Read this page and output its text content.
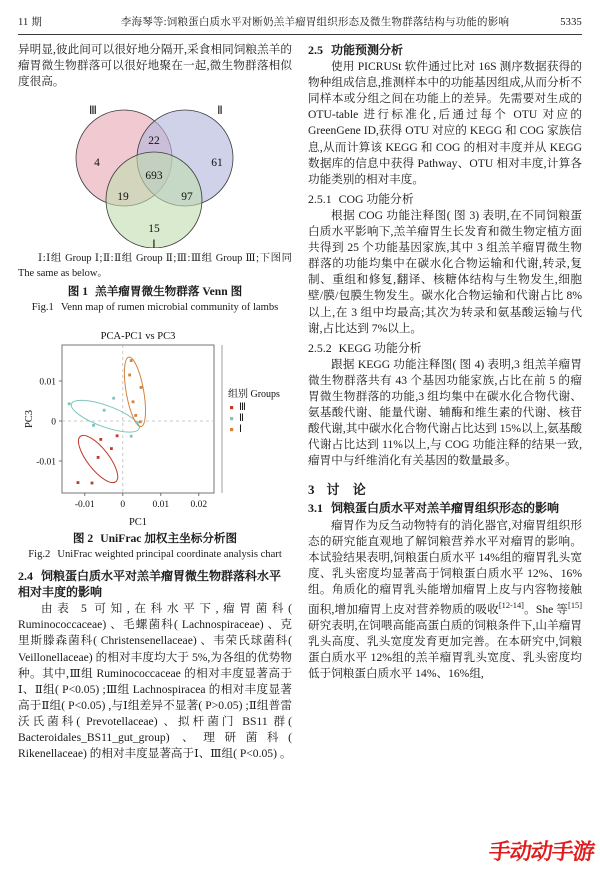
11 期	李海琴等:饲粮蛋白质水平对断奶羔羊瘤胃组织形态及微生物群落结构与功能的影响	5335

异明显,彼此间可以很好地分隔开,采食相同饲粮羔羊的瘤胃微生物群落可以很好地聚在一起,微生物群落相似度很高。

4	61
15
22
19	97
693
Ⅲ	Ⅱ
Ⅰ

Ⅰ:Ⅰ组 Group Ⅰ;Ⅱ:Ⅱ组 Group Ⅱ;Ⅲ:Ⅲ组 Group Ⅲ;下图同 The same as below。

图 1 羔羊瘤胃微生物群落 Venn 图
Fig.1 Venn map of rumen microbial community of lambs
PCA-PC1 vs PC3
-0.01	0	0.01 0.02
-0.01
0
0.01
PC1
PC3
组别 Groups
Ⅲ
Ⅱ
Ⅰ
图 2 UniFrac 加权主坐标分析图
Fig.2 UniFrac weighted principal coordinate analysis chart
2.4 饲粮蛋白质水平对羔羊瘤胃微生物群落科水平相对丰度的影响

由表 5 可知,在科水平下,瘤胃菌科( Ruminococcaceae) 、毛螺菌科( Lachnospiraceae) 、克里斯滕森菌科( Christensenellaceae) 、韦荣氏球菌科( Veillonellaceae) 的相对丰度均大于 5%,为各组的优势物种。其中,Ⅲ组 Ruminococcaceae 的相对丰度显著高于Ⅰ、Ⅱ组( P<0.05) ;Ⅲ组 Lachnospiracea 的相对丰度显著高于Ⅱ组( P<0.05) ,与Ⅰ组差异不显著( P>0.05) ;Ⅱ组普雷沃氏菌科( Prevotellaceae) 、拟杆菌门 BS11 群( Bacteroidales_BS11_gut_group) 、理研菌科( Rikenellaceae) 的相对丰度显著高于Ⅰ、Ⅲ组( P<0.05) 。

2.5 功能预测分析

使用 PICRUSt 软件通过比对 16S 测序数据获得的物种组成信息,推测样本中的功能基因组成,从而分析不同样本或分组之间在功能上的差异。先需要对生成的 OTU-table 进行标准化,后通过每个 OTU 对应的 GreenGene ID,获得 OTU 对应的 KEGG 和 COG 家族信息,从而计算该 KEGG 和 COG 的相对丰度并从 KEGG 数据库的信息中获得 Pathway、OTU 相对丰度,计算各功能类别的相对丰度。

2.5.1 COG 功能分析

根据 COG 功能注释图( 图 3) 表明,在不同饲粮蛋白质水平影响下,羔羊瘤胃生长发育和微生物定植方面共得到 25 个功能基因家族,其中 3 组羔羊瘤胃微生物群落的功能均集中在碳水化合物运输和代谢,转录,复制、重组和修复,翻译、核糖体结构与生物发生,细胞壁/膜/包膜生物发生。碳水化合物运输和代谢占比 8% 以上,在 3 组中均最高;其次为转录和氨基酸运输与代谢,占比达到 7%以上。

2.5.2 KEGG 功能分析

跟据 KEGG 功能注释图( 图 4) 表明,3 组羔羊瘤胃微生物群落共有 43 个基因功能家族,占比在前 5 的瘤胃微生物群落的功能,3 组均集中在碳水化合物代谢、氨基酸代谢、能量代谢、辅酶和维生素的代谢、核苷酸代谢,其中碳水化合物代谢占比达到 15%以上,氨基酸代谢占比达到 11%以上,与 COG 功能注释的结果一致,瘤胃中与纤维消化有关基因的数量最多。

3 讨 论
3.1 饲粮蛋白质水平对羔羊瘤胃组织形态的影响

瘤胃作为反刍动物特有的消化器官,对瘤胃组织形态的研究能直观地了解饲粮营养水平对瘤胃的影响。本试验结果表明,饲粮蛋白质水平 14%组的瘤胃乳头宽度、乳头密度均显著高于饲粮蛋白质水平 12%、16%组。角质化的瘤胃乳头能增加瘤胃上皮与内容物接触面积,增加瘤胃上皮对营养物质的吸收[12-14]。She 等[15]研究表明,在饲喂高能高蛋白质的饲粮条件下,山羊瘤胃乳头高度、乳头宽度发育更加完善。在本研究中,饲粮蛋白质水平 12%组的羔羊瘤胃乳头宽度、乳头密度均低于饲粮蛋白质水平 14%、16%组,

手动动手游
